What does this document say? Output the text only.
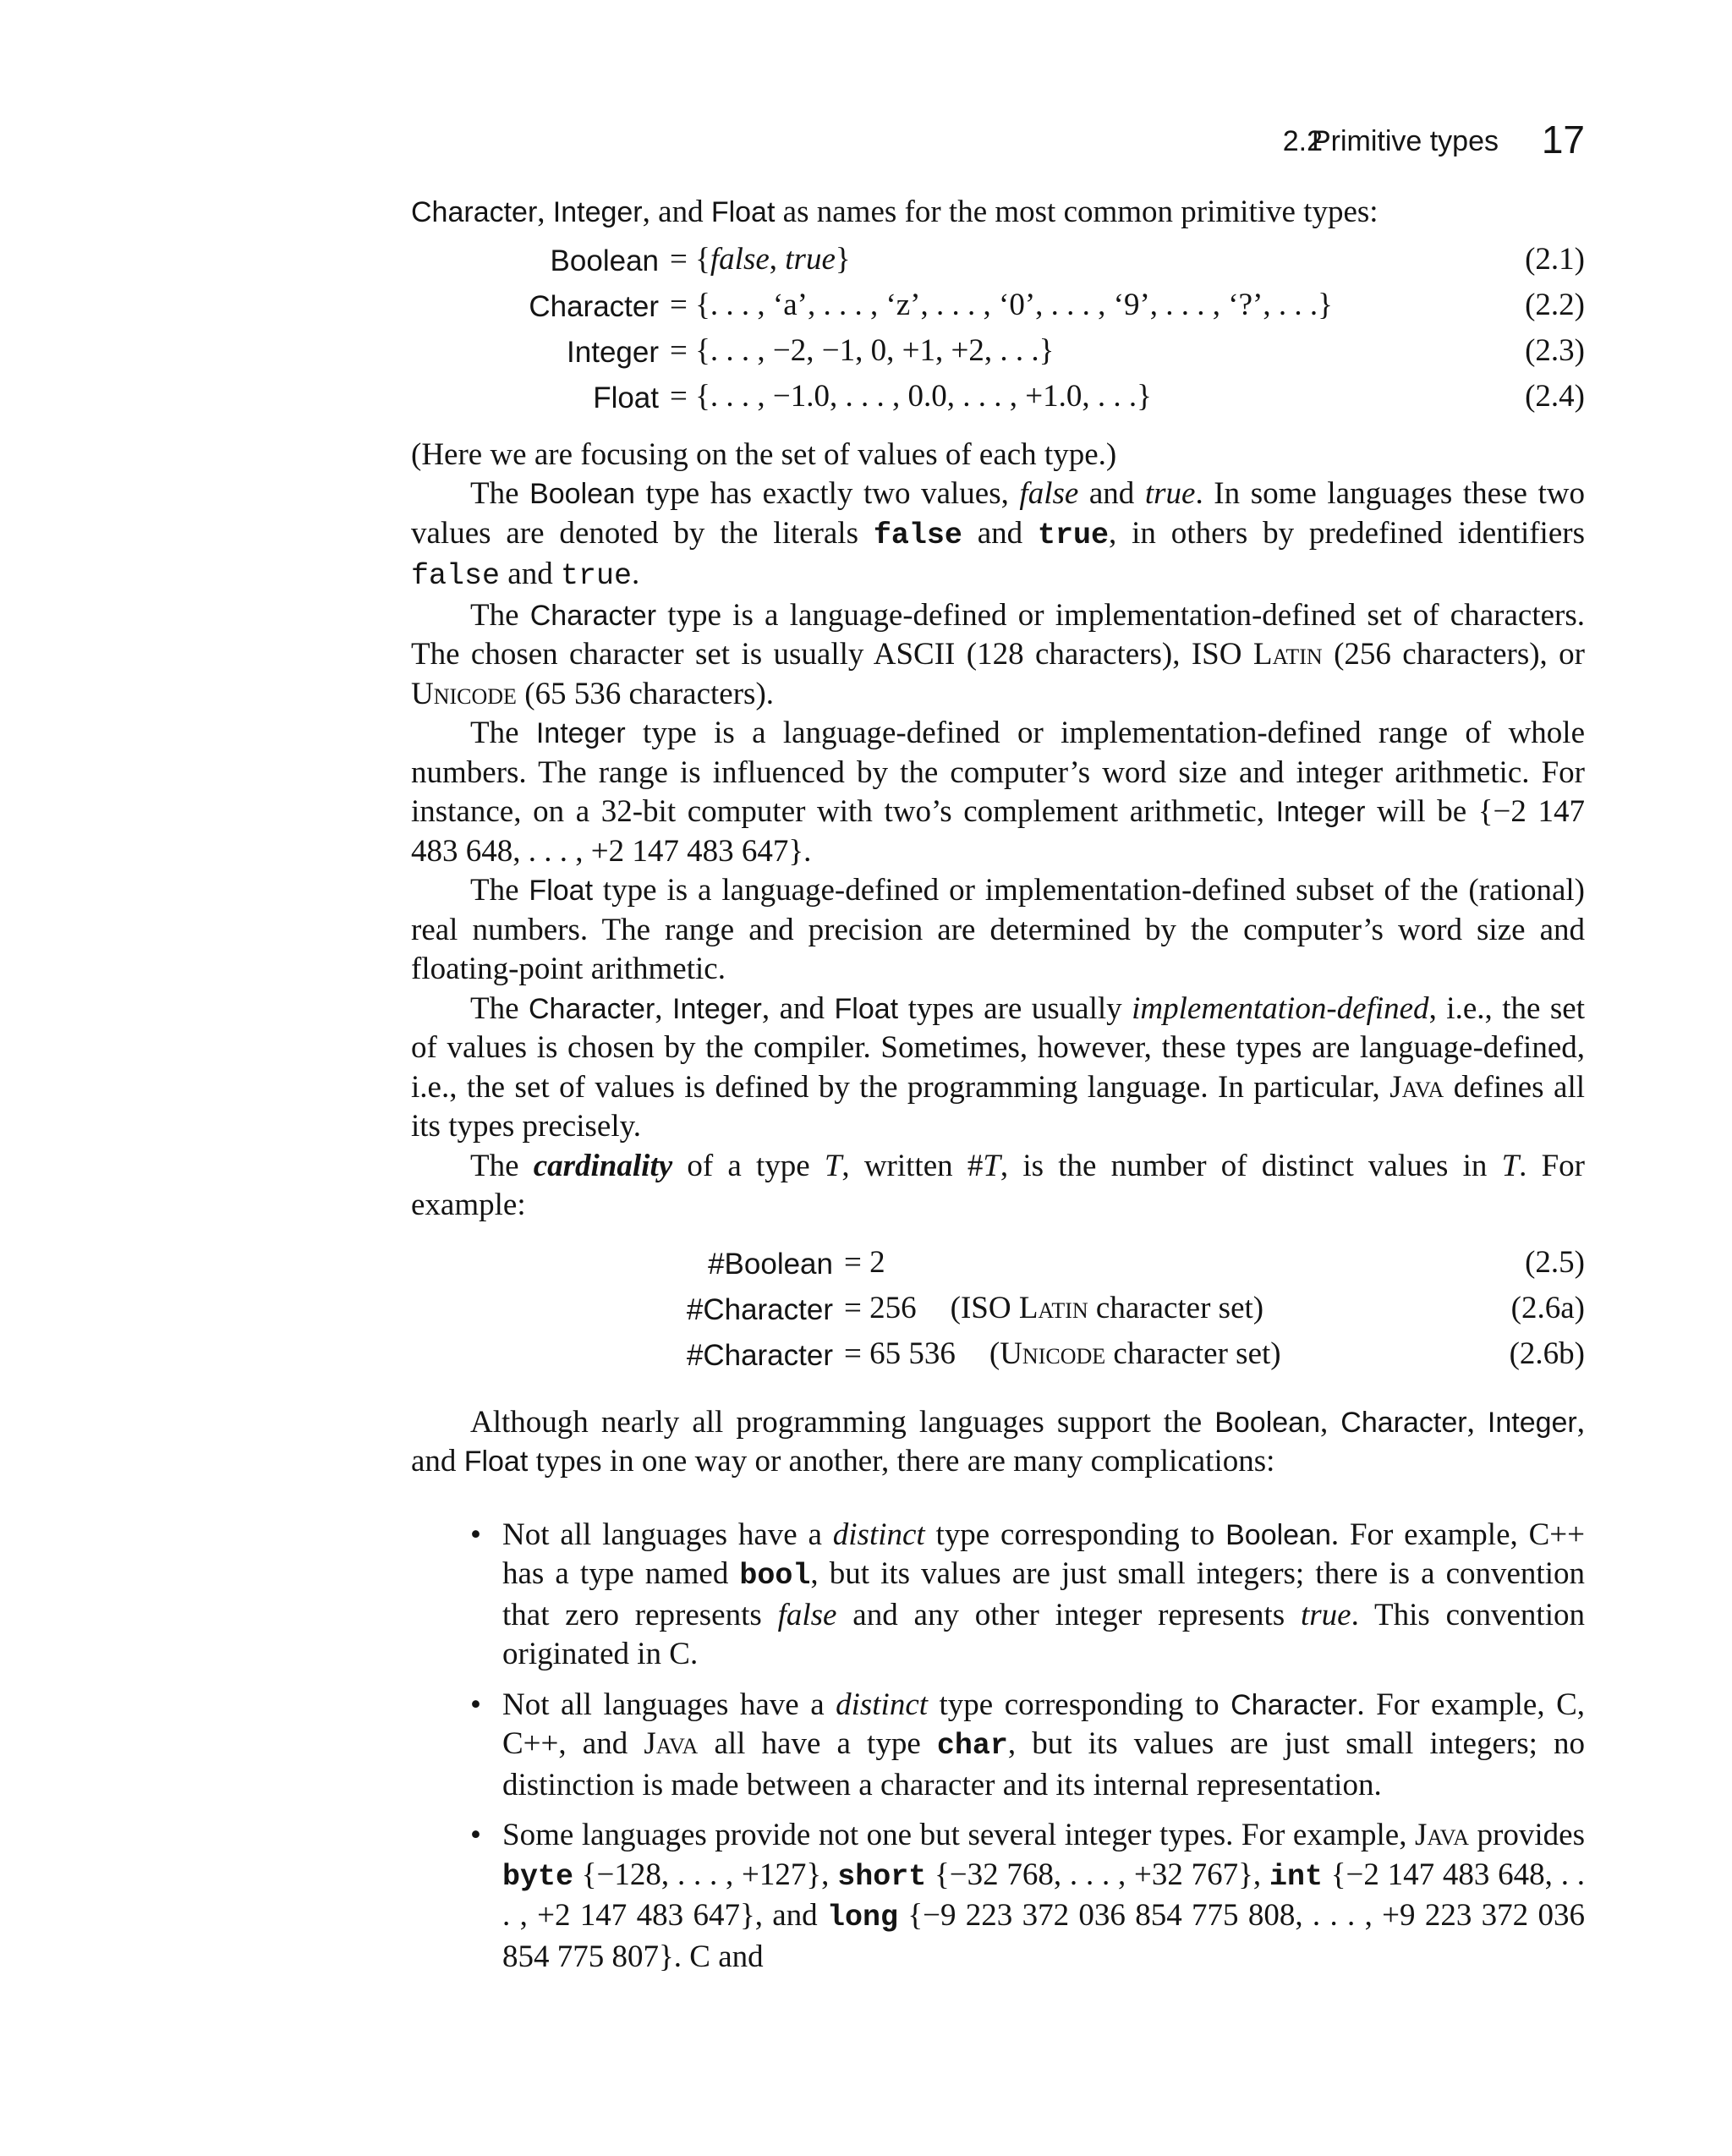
2.2
Primitive types 17

Character, Integer, and Float as names for the most common primitive types:

Boolean = {false, true}	(2.1)
Character = {. . . , ‘a’, . . . , ‘z’, . . . , ‘0’, . . . , ‘9’, . . . , ‘?’, . . .}	(2.2)
Integer = {. . . , −2, −1, 0, +1, +2, . . .}	(2.3)
Float = {. . . , −1.0, . . . , 0.0, . . . , +1.0, . . .}	(2.4)

(Here we are focusing on the set of values of each type.)

The Boolean type has exactly two values, false and true. In some languages these two values are denoted by the literals false and true, in others by predefined identifiers false and true.

The Character type is a language-defined or implementation-defined set of characters. The chosen character set is usually ASCII (128 characters), ISO Latin (256 characters), or Unicode (65 536 characters).

The Integer type is a language-defined or implementation-defined range of whole numbers. The range is influenced by the computer’s word size and integer arithmetic. For instance, on a 32-bit computer with two’s complement arithmetic, Integer will be {−2 147 483 648, . . . , +2 147 483 647}.

The Float type is a language-defined or implementation-defined subset of the (rational) real numbers. The range and precision are determined by the computer’s word size and floating-point arithmetic.

The Character, Integer, and Float types are usually implementation-defined, i.e., the set of values is chosen by the compiler. Sometimes, however, these types are language-defined, i.e., the set of values is defined by the programming language. In particular, Java defines all its types precisely.

The cardinality of a type T, written #T, is the number of distinct values in T. For example:

#Boolean = 2	(2.5)
#Character = 256 (ISO Latin character set)	(2.6a)
#Character = 65 536 (Unicode character set)	(2.6b)

Although nearly all programming languages support the Boolean, Character, Integer, and Float types in one way or another, there are many complications:

• Not all languages have a distinct type corresponding to Boolean. For example, C++ has a type named bool, but its values are just small integers; there is a convention that zero represents false and any other integer represents true. This convention originated in C.

• Not all languages have a distinct type corresponding to Character. For example, C, C++, and Java all have a type char, but its values are just small integers; no distinction is made between a character and its internal representation.

• Some languages provide not one but several integer types. For example, Java provides byte {−128, . . . , +127}, short {−32 768, . . . , +32 767}, int {−2 147 483 648, . . . , +2 147 483 647}, and long {−9 223 372 036 854 775 808, . . . , +9 223 372 036 854 775 807}. C and
